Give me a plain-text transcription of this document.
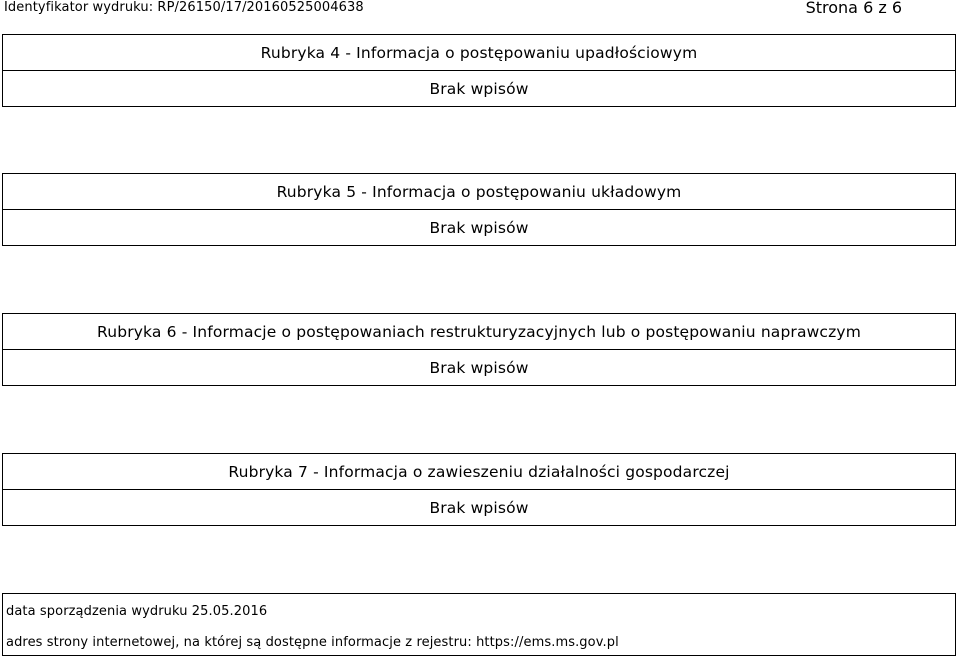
Identyfikator wydruku: RP/26150/17/20160525004638	Strona 6 z 6
Rubryka 4 - Informacja o postępowaniu upadłościowym
Brak wpisów
Rubryka 5 - Informacja o postępowaniu układowym
Brak wpisów
Rubryka 6 - Informacje o postępowaniach restrukturyzacyjnych lub o postępowaniu naprawczym
Brak wpisów
Rubryka 7 - Informacja o zawieszeniu działalności gospodarczej
Brak wpisów
data sporządzenia wydruku 25.05.2016
adres strony internetowej, na której są dostępne informacje z rejestru: https://ems.ms.gov.pl
